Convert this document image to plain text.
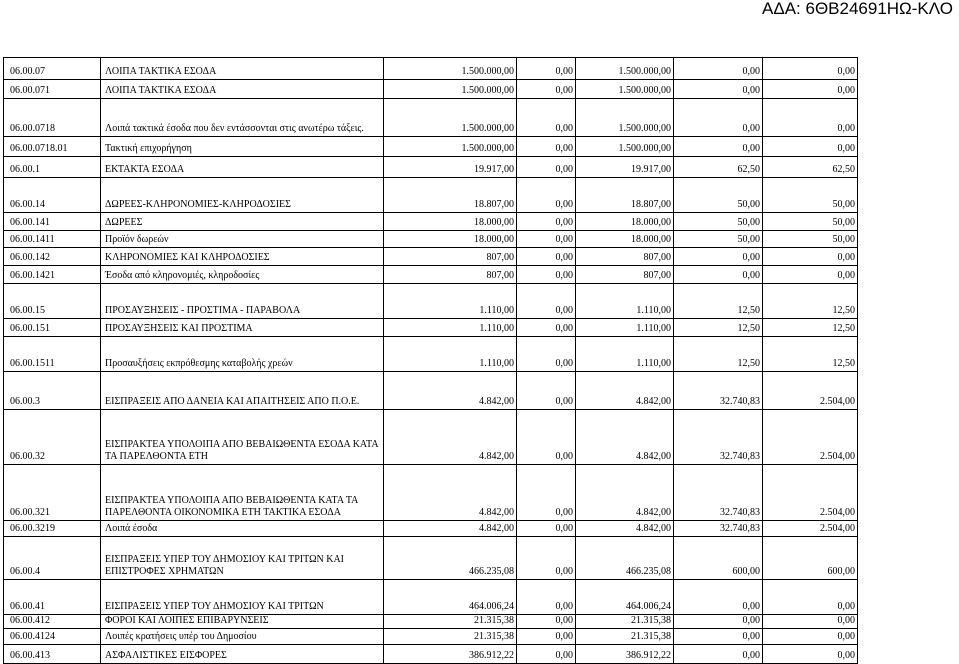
ΑΔΑ: 6ΘΒ24691ΗΩ-ΚΛΟ
06.00.07	ΛΟΙΠΑ ΤΑΚΤΙΚΑ ΕΣΟΔΑ	1.500.000,00	0,00	1.500.000,00	0,00	0,00
06.00.071	ΛΟΙΠΑ ΤΑΚΤΙΚΑ ΕΣΟΔΑ	1.500.000,00	0,00	1.500.000,00	0,00	0,00
06.00.0718	Λοιπά τακτικά έσοδα που δεν εντάσσονται στις ανωτέρω τάξεις.	1.500.000,00	0,00	1.500.000,00	0,00	0,00
06.00.0718.01	Τακτική επιχορήγηση	1.500.000,00	0,00	1.500.000,00	0,00	0,00
06.00.1	ΕΚΤΑΚΤΑ ΕΣΟΔΑ	19.917,00	0,00	19.917,00	62,50	62,50
06.00.14	ΔΩΡΕΕΣ-ΚΛΗΡΟΝΟΜΙΕΣ-ΚΛΗΡΟΔΟΣΙΕΣ	18.807,00	0,00	18.807,00	50,00	50,00
06.00.141	ΔΩΡΕΕΣ	18.000,00	0,00	18.000,00	50,00	50,00
06.00.1411	Προϊόν δωρεών	18.000,00	0,00	18.000,00	50,00	50,00
06.00.142	ΚΛΗΡΟΝΟΜΙΕΣ ΚΑΙ ΚΛΗΡΟΔΟΣΙΕΣ	807,00	0,00	807,00	0,00	0,00
06.00.1421	Έσοδα από κληρονομιές, κληροδοσίες	807,00	0,00	807,00	0,00	0,00
06.00.15	ΠΡΟΣΑΥΞΗΣΕΙΣ - ΠΡΟΣΤΙΜΑ - ΠΑΡΑΒΟΛΑ	1.110,00	0,00	1.110,00	12,50	12,50
06.00.151	ΠΡΟΣΑΥΞΗΣΕΙΣ ΚΑΙ ΠΡΟΣΤΙΜΑ	1.110,00	0,00	1.110,00	12,50	12,50
06.00.1511	Προσαυξήσεις εκπρόθεσμης καταβολής χρεών	1.110,00	0,00	1.110,00	12,50	12,50
06.00.3	ΕΙΣΠΡΑΞΕΙΣ ΑΠΟ ΔΑΝΕΙΑ ΚΑΙ ΑΠΑΙΤΗΣΕΙΣ ΑΠΟ Π.Ο.Ε.	4.842,00	0,00	4.842,00	32.740,83	2.504,00
06.00.32	ΕΙΣΠΡΑΚΤΕΑ ΥΠΟΛΟΙΠΑ ΑΠΟ ΒΕΒΑΙΩΘΕΝΤΑ ΕΣΟΔΑ ΚΑΤΑ ΤΑ ΠΑΡΕΛΘΟΝΤΑ ΕΤΗ	4.842,00	0,00	4.842,00	32.740,83	2.504,00
06.00.321	ΕΙΣΠΡΑΚΤΕΑ ΥΠΟΛΟΙΠΑ ΑΠΟ ΒΕΒΑΙΩΘΕΝΤΑ ΚΑΤΑ ΤΑ ΠΑΡΕΛΘΟΝΤΑ ΟΙΚΟΝΟΜΙΚΑ ΕΤΗ ΤΑΚΤΙΚΑ ΕΣΟΔΑ	4.842,00	0,00	4.842,00	32.740,83	2.504,00
06.00.3219	Λοιπά έσοδα	4.842,00	0,00	4.842,00	32.740,83	2.504,00
06.00.4	ΕΙΣΠΡΑΞΕΙΣ ΥΠΕΡ ΤΟΥ ΔΗΜΟΣΙΟΥ ΚΑΙ ΤΡΙΤΩΝ ΚΑΙ ΕΠΙΣΤΡΟΦΕΣ ΧΡΗΜΑΤΩΝ	466.235,08	0,00	466.235,08	600,00	600,00
06.00.41	ΕΙΣΠΡΑΞΕΙΣ ΥΠΕΡ ΤΟΥ ΔΗΜΟΣΙΟΥ ΚΑΙ ΤΡΙΤΩΝ	464.006,24	0,00	464.006,24	0,00	0,00
06.00.412	ΦΟΡΟΙ ΚΑΙ ΛΟΙΠΕΣ ΕΠΙΒΑΡΥΝΣΕΙΣ	21.315,38	0,00	21.315,38	0,00	0,00
06.00.4124	Λοιπές κρατήσεις υπέρ του Δημοσίου	21.315,38	0,00	21.315,38	0,00	0,00
06.00.413	ΑΣΦΑΛΙΣΤΙΚΕΣ ΕΙΣΦΟΡΕΣ	386.912,22	0,00	386.912,22	0,00	0,00
